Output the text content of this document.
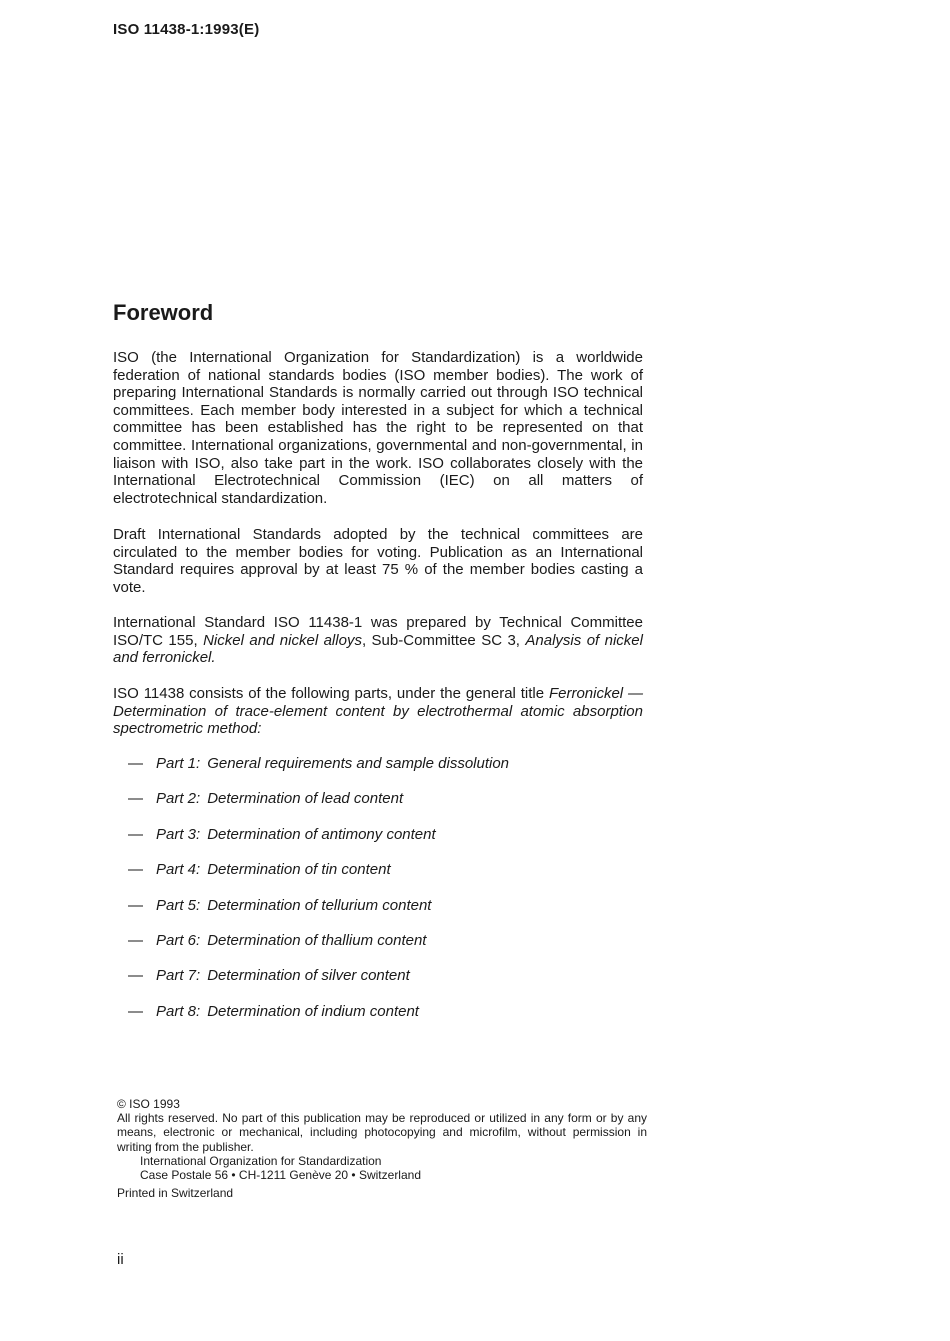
ISO 11438-1:1993(E)
Foreword
ISO (the International Organization for Standardization) is a worldwide federation of national standards bodies (ISO member bodies). The work of preparing International Standards is normally carried out through ISO technical committees. Each member body interested in a subject for which a technical committee has been established has the right to be represented on that committee. International organizations, governmental and non-governmental, in liaison with ISO, also take part in the work. ISO collaborates closely with the International Electrotechnical Commission (IEC) on all matters of electrotechnical standardization.
Draft International Standards adopted by the technical committees are circulated to the member bodies for voting. Publication as an International Standard requires approval by at least 75 % of the member bodies casting a vote.
International Standard ISO 11438-1 was prepared by Technical Committee ISO/TC 155, Nickel and nickel alloys, Sub-Committee SC 3, Analysis of nickel and ferronickel.
ISO 11438 consists of the following parts, under the general title Ferronickel — Determination of trace-element content by electrothermal atomic absorption spectrometric method:
— Part 1: General requirements and sample dissolution
— Part 2: Determination of lead content
— Part 3: Determination of antimony content
— Part 4: Determination of tin content
— Part 5: Determination of tellurium content
— Part 6: Determination of thallium content
— Part 7: Determination of silver content
— Part 8: Determination of indium content
© ISO 1993
All rights reserved. No part of this publication may be reproduced or utilized in any form or by any means, electronic or mechanical, including photocopying and microfilm, without permission in writing from the publisher.
International Organization for Standardization
Case Postale 56 • CH-1211 Genève 20 • Switzerland
Printed in Switzerland
ii
